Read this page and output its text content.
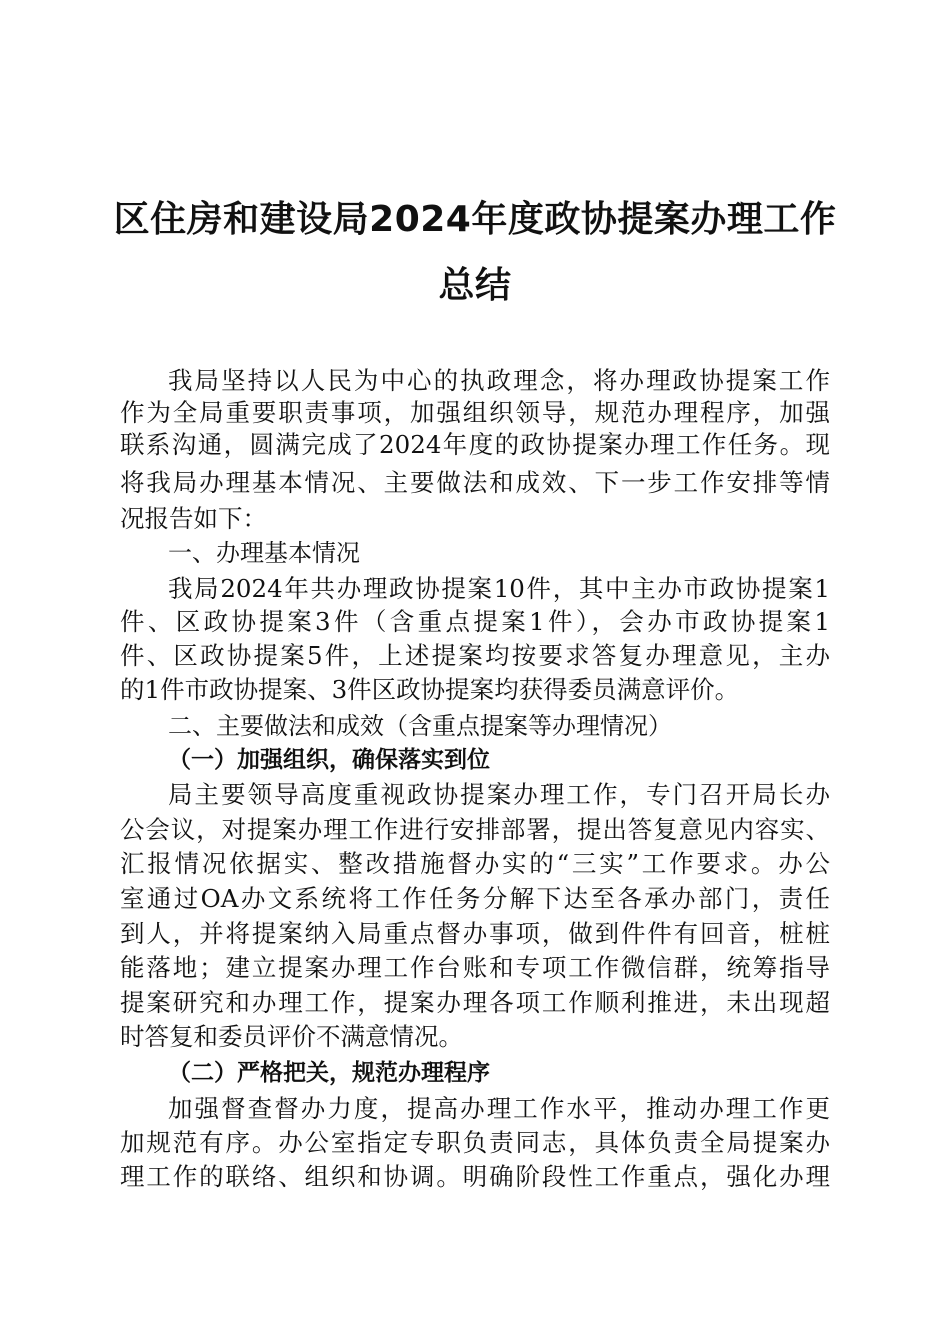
区住房和建设局2024年度政协提案办理工作
总结
我局坚持以人民为中心的执政理念，将办理政协提案工作
作为全局重要职责事项，加强组织领导，规范办理程序，加强
联系沟通，圆满完成了2024年度的政协提案办理工作任务。现
将我局办理基本情况、主要做法和成效、下一步工作安排等情
况报告如下：
一、办理基本情况
我局2024年共办理政协提案10件，其中主办市政协提案1
件、区政协提案3件（含重点提案1件），会办市政协提案1
件、区政协提案5件，上述提案均按要求答复办理意见，主办
的1件市政协提案、3件区政协提案均获得委员满意评价。
二、主要做法和成效（含重点提案等办理情况）
（一）加强组织，确保落实到位
局主要领导高度重视政协提案办理工作，专门召开局长办
公会议，对提案办理工作进行安排部署，提出答复意见内容实、
汇报情况依据实、整改措施督办实的“三实”工作要求。办公
室通过OA办文系统将工作任务分解下达至各承办部门，责任
到人，并将提案纳入局重点督办事项，做到件件有回音，桩桩
能落地；建立提案办理工作台账和专项工作微信群，统筹指导
提案研究和办理工作，提案办理各项工作顺利推进，未出现超
时答复和委员评价不满意情况。
（二）严格把关，规范办理程序
加强督查督办力度，提高办理工作水平，推动办理工作更
加规范有序。办公室指定专职负责同志，具体负责全局提案办
理工作的联络、组织和协调。明确阶段性工作重点，强化办理
